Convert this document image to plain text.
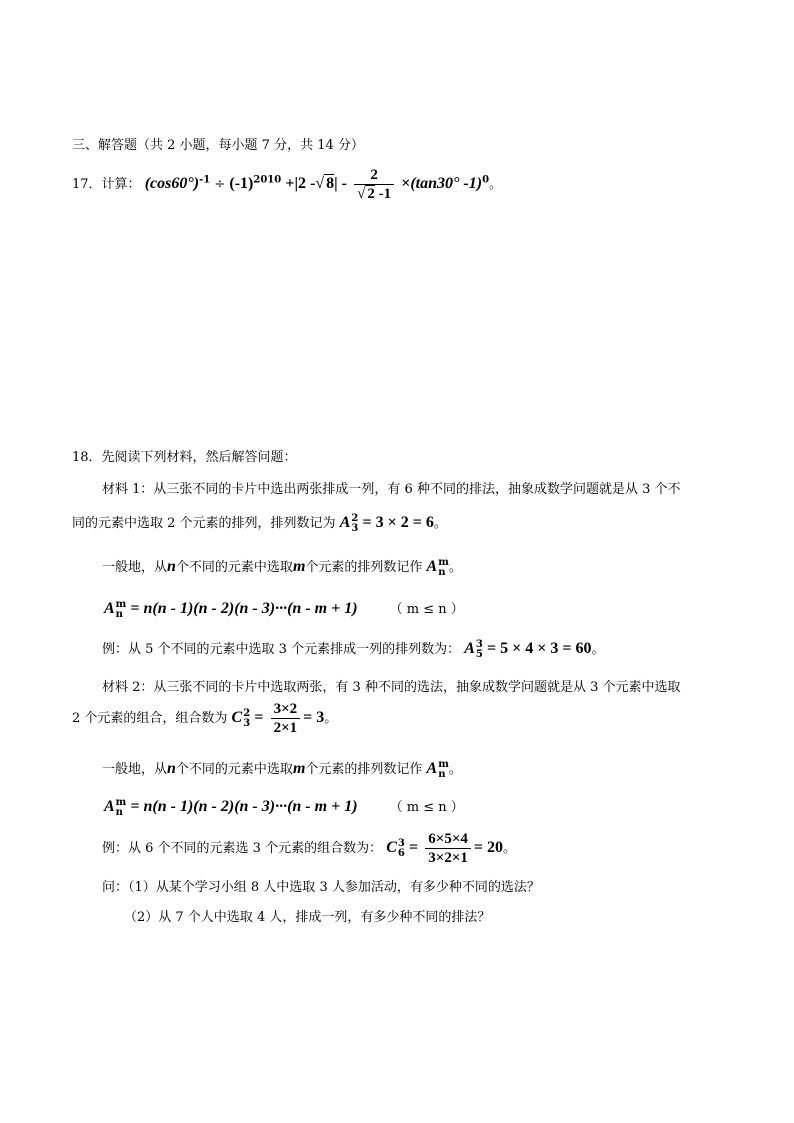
三、解答题（共 2 小题，每小题 7 分，共 14 分）
17．计算： $(\cos 60^\circ)^{-1} \div (-1)^{2010} +|2$ -√ $8| - \frac{2}{√ 2 -1} \times(\tan 30^\circ$ -1)$^0$。
18．先阅读下列材料，然后解答问题：
材料 1：从三张不同的卡片中选出两张排成一列，有 6 种不同的排法，抽象成数学问题就是从 3 个不
同的元素中选取 2 个元素的排列，排列数记为 A 2
3 = 3 × 2 = 6。
一般地，从n个不同的元素中选取m个元素的排列数记作 A m
n 。
A m
n = n(n - 1)(n - 2)(n - 3)···(n - m + 1) （ m ≤ n ）
例：从 5 个不同的元素中选取 3 个元素排成一列的排列数为： A 3
5 = 5 × 4 × 3 = 60。
材料 2：从三张不同的卡片中选取两张，有 3 种不同的选法，抽象成数学问题就是从 3 个元素中选取
2 个元素的组合，组合数为 C 2
$3 = \frac{3\times 2}{2\times 1} = 3$。
一般地，从n个不同的元素中选取m个元素的排列数记作 A m
n 。
A m
n = n(n - 1)(n - 2)(n - 3)···(n - m + 1) （ m ≤ n ）
例：从 6 个不同的元素选 3 个元素的组合数为： C 3
$6 = \frac{6\times 5\times 4}{3\times 2\times 1} = 20$。
问：（1）从某个学习小组 8 人中选取 3 人参加活动，有多少种不同的选法？
（2）从 7 个人中选取 4 人，排成一列，有多少种不同的排法？
